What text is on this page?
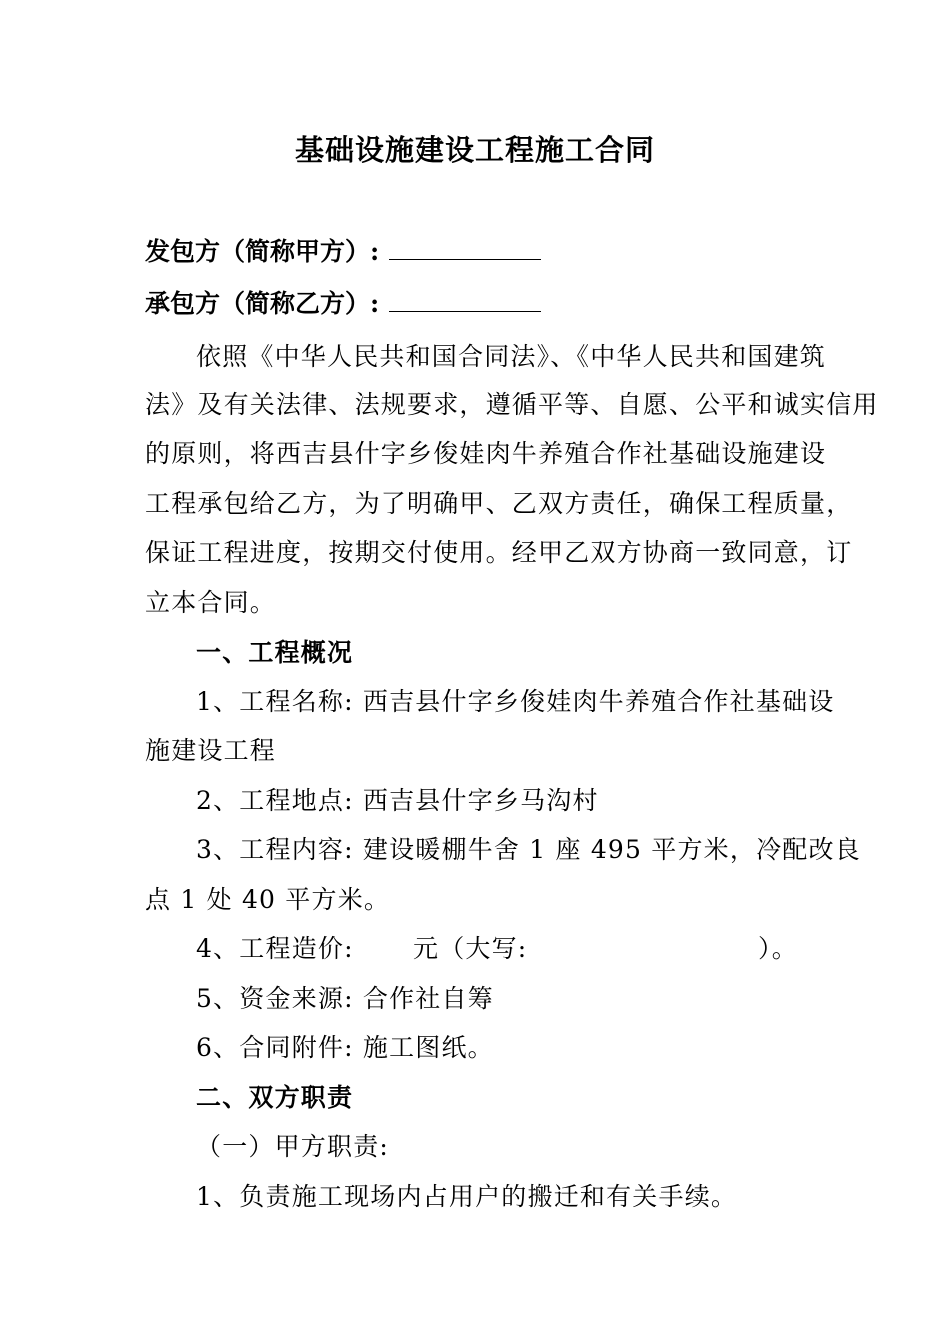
基础设施建设工程施工合同
发包方（简称甲方）:
承包方（简称乙方）:
依照《中华人民共和国合同法》、《中华人民共和国建筑
法》及有关法律、法规要求，遵循平等、自愿、公平和诚实信用
的原则，将西吉县什字乡俊娃肉牛养殖合作社基础设施建设
工程承包给乙方，为了明确甲、乙双方责任，确保工程质量，
保证工程进度，按期交付使用。经甲乙双方协商一致同意，订
立本合同。
一、工程概况
1、工程名称: 西吉县什字乡俊娃肉牛养殖合作社基础设
施建设工程
2、工程地点: 西吉县什字乡马沟村
3、工程内容: 建设暖棚牛舍 1 座 495 平方米，冷配改良
点 1 处 40 平方米。
4、工程造价: 元（大写:	）。
5、资金来源: 合作社自筹
6、合同附件: 施工图纸。
二、双方职责
（一）甲方职责:
1、负责施工现场内占用户的搬迁和有关手续。
